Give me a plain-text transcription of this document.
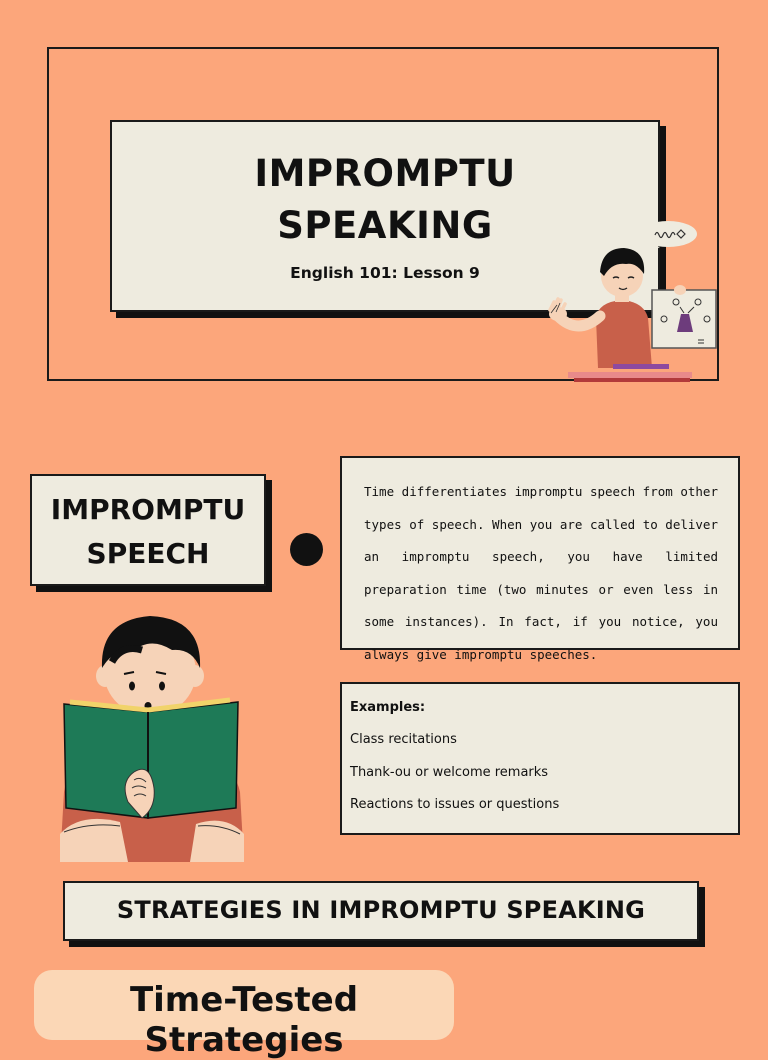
IMPROMPTU
SPEAKING
English 101: Lesson 9
IMPROMPTU
SPEECH

Time differentiates impromptu speech from other types of speech. When you are called to deliver an impromptu speech, you have limited preparation time (two minutes or even less in some instances). In fact, if you notice, you always give impromptu speeches.

Examples:
Class recitations
Thank-ou or welcome remarks
Reactions to issues or questions
STRATEGIES IN IMPROMPTU SPEAKING
Time-Tested Strategies
